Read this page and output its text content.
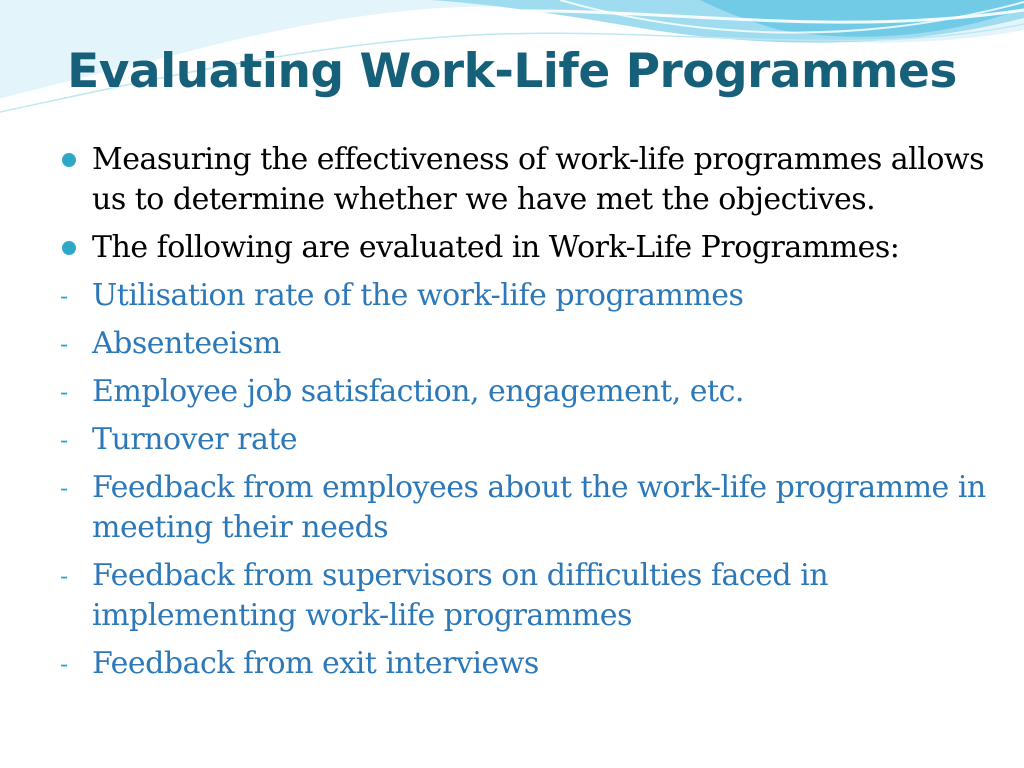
Evaluating Work-Life Programmes
Measuring the effectiveness of work-life programmes allows us to determine whether we have met the objectives.
The following are evaluated in Work-Life Programmes:
- Utilisation rate of the work-life programmes
- Absenteeism
- Employee job satisfaction, engagement, etc.
- Turnover rate
- Feedback from employees about the work-life programme in meeting their needs
- Feedback from supervisors on difficulties faced in implementing work-life programmes
- Feedback from exit interviews
